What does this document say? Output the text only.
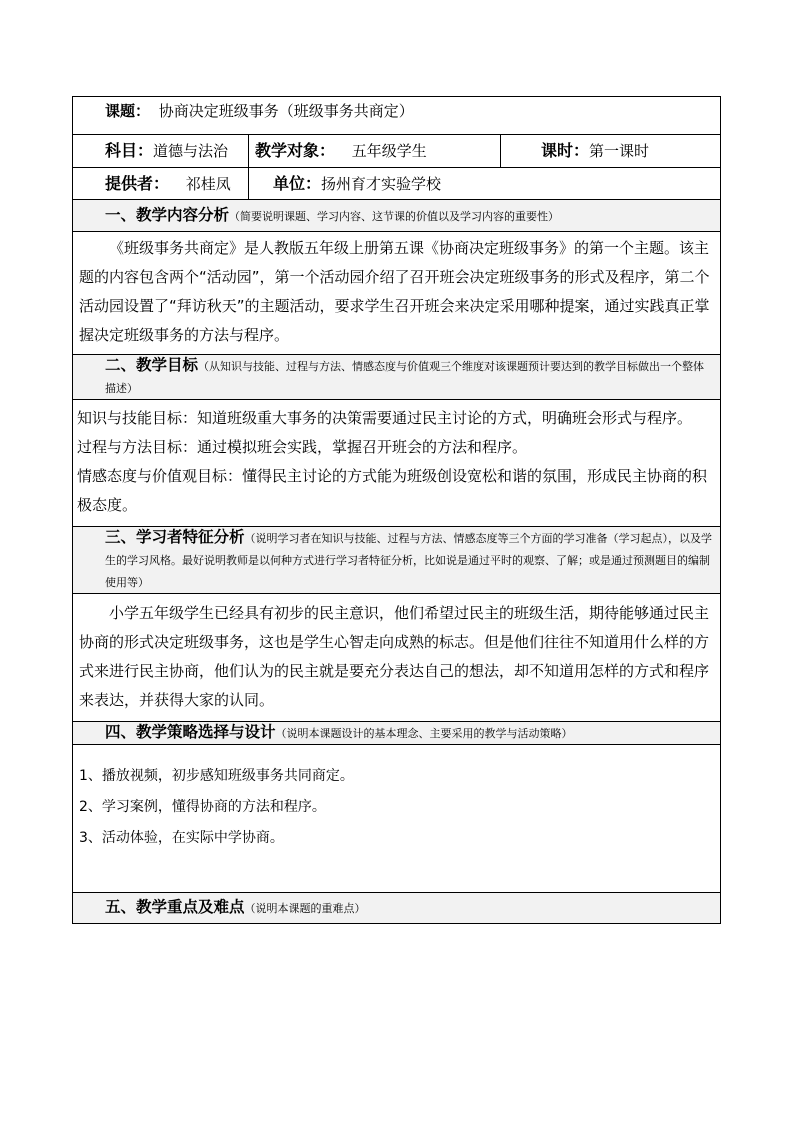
课题： 协商决定班级事务（班级事务共商定）		
科目：道德与法治	教学对象： 五年级学生	课时：第一课时
提供者： 祁桂凤	单位：扬州育才实验学校	
一、教学内容分析（简要说明课题、学习内容、这节课的价值以及学习内容的重要性）		

《班级事务共商定》是人教版五年级上册第五课《协商决定班级事务》的第一个主题。该主题的内容包含两个“活动园”，第一个活动园介绍了召开班会决定班级事务的形式及程序，第二个活动园设置了“拜访秋天”的主题活动，要求学生召开班会来决定采用哪种提案，通过实践真正掌握决定班级事务的方法与程序。		

二、教学目标（从知识与技能、过程与方法、情感态度与价值观三个维度对该课题预计要达到的教学目标做出一个整体描述）		

知识与技能目标：知道班级重大事务的决策需要通过民主讨论的方式，明确班会形式与程序。

过程与方法目标：通过模拟班会实践，掌握召开班会的方法和程序。

情感态度与价值观目标：懂得民主讨论的方式能为班级创设宽松和谐的氛围，形成民主协商的积极态度。		

三、学习者特征分析（说明学习者在知识与技能、过程与方法、情感态度等三个方面的学习准备（学习起点），以及学生的学习风格。最好说明教师是以何种方式进行学习者特征分析，比如说是通过平时的观察、了解；或是通过预测题目的编制使用等）		

小学五年级学生已经具有初步的民主意识，他们希望过民主的班级生活，期待能够通过民主协商的形式决定班级事务，这也是学生心智走向成熟的标志。但是他们往往不知道用什么样的方式来进行民主协商，他们认为的民主就是要充分表达自己的想法，却不知道用怎样的方式和程序来表达，并获得大家的认同。		

四、教学策略选择与设计（说明本课题设计的基本理念、主要采用的教学与活动策略）		

1、播放视频，初步感知班级事务共同商定。

2、学习案例，懂得协商的方法和程序。

3、活动体验，在实际中学协商。		

五、教学重点及难点（说明本课题的重难点）		
